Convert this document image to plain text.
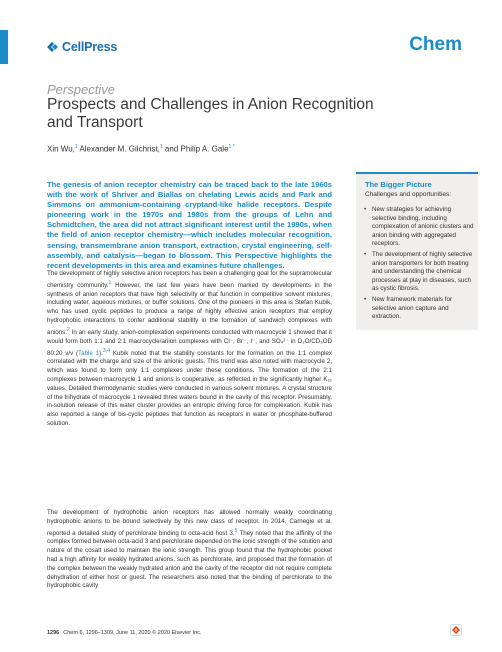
CellPress	Chem
Perspective
Prospects and Challenges in Anion Recognition and Transport
Xin Wu,$^1$ Alexander M. Gilchrist,$^1$ and Philip A. Gale$^{1,*}$

The genesis of anion receptor chemistry can be traced back to the late 1960s with the work of Shriver and Biallas on chelating Lewis acids and Park and Simmons on ammonium-containing cryptand-like halide receptors. Despite pioneering work in the 1970s and 1980s from the groups of Lehn and Schmidtchen, the area did not attract significant interest until the 1990s, when the field of anion receptor chemistry—which includes molecular recognition, sensing, transmembrane anion transport, extraction, crystal engineering, self-assembly, and catalysis—began to blossom. This Perspective highlights the recent developments in this area and examines future challenges.

The development of highly selective anion receptors has been a challenging goal for the supramolecular chemistry community.$^1$ However, the last few years have been marked by developments in the synthesis of anion receptors that have high selectivity or that function in competitive solvent mixtures, including water, aqueous mixtures, or buffer solutions. One of the pioneers in this area is Stefan Kubik, who has used cyclic peptides to produce a range of highly effective anion receptors that employ hydrophobic interactions to confer additional stability in the formation of sandwich complexes with anions.$^2$ In an early study, anion-complexation experiments conducted with macrocycle 1 showed that it would form both 1:1 and 2:1 macrocycle/anion complexes with Cl⁻, Br⁻, I⁻, and SO₄²⁻ in D₂O/CD₃OD 80:20 v/v (Table 1).$^{3,4}$ Kubik noted that the stability constants for the formation on the 1:1 complex correlated with the charge and size of the anionic guests. This trend was also noted with macrocycle 2, which was found to form only 1:1 complexes under these conditions. The formation of the 2:1 complexes between macrocycle 1 and anions is cooperative, as reflected in the significantly higher K₂₁ values. Detailed thermodynamic studies were conducted in various solvent mixtures. A crystal structure of the trihydrate of macrocycle 1 revealed three waters bound in the cavity of this receptor. Presumably, in-solution release of this water cluster provides an entropic driving force for complexation. Kubik has also reported a range of bis-cyclic peptides that function as receptors in water or phosphate-buffered solution.

The development of hydrophobic anion receptors has allowed normally weakly coordinating hydrophobic anions to be bound selectively by this new class of receptor. In 2014, Carnegie et al. reported a detailed study of perchlorate binding to octa-acid host 3.$^5$ They noted that the affinity of the complex formed between octa-acid 3 and perchlorate depended on the ionic strength of the solution and nature of the cosalt used to maintain the ionic strength. This group found that the hydrophobic pocket had a high affinity for weakly hydrated anions, such as perchlorate, and proposed that the formation of the complex between the weakly hydrated anion and the cavity of the receptor did not require complete dehydration of either host or guest. The researchers also noted that the binding of perchlorate to the hydrophobic cavity

The Bigger Picture
Challenges and opportunities:
• New strategies for achieving selective binding, including complexation of anionic clusters and anion binding with aggregated receptors.
• The development of highly selective anion transporters for both treating and understanding the chemical processes at play in diseases, such as cystic fibrosis.
• New framework materials for selective anion capture and extraction.
1296 Chem 6, 1296–1309, June 11, 2020 © 2020 Elsevier Inc.
